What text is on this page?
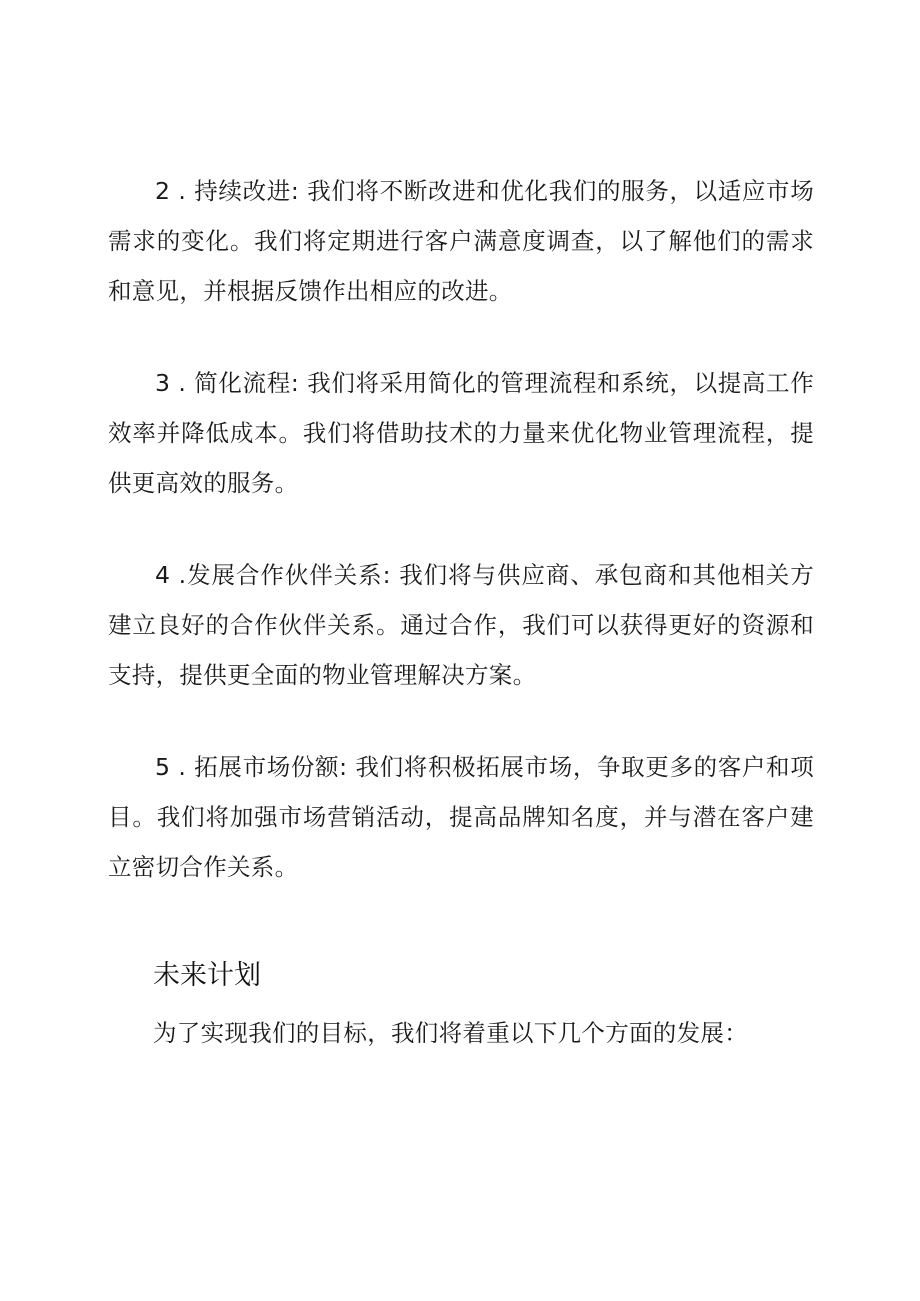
2 . 持续改进: 我们将不断改进和优化我们的服务，以适应市场需求的变化。我们将定期进行客户满意度调查，以了解他们的需求和意见，并根据反馈作出相应的改进。

3 . 简化流程: 我们将采用简化的管理流程和系统，以提高工作效率并降低成本。我们将借助技术的力量来优化物业管理流程，提供更高效的服务。

4 .发展合作伙伴关系: 我们将与供应商、承包商和其他相关方建立良好的合作伙伴关系。通过合作，我们可以获得更好的资源和支持，提供更全面的物业管理解决方案。

5 . 拓展市场份额: 我们将积极拓展市场，争取更多的客户和项目。我们将加强市场营销活动，提高品牌知名度，并与潜在客户建立密切合作关系。

未来计划

为了实现我们的目标，我们将着重以下几个方面的发展：
